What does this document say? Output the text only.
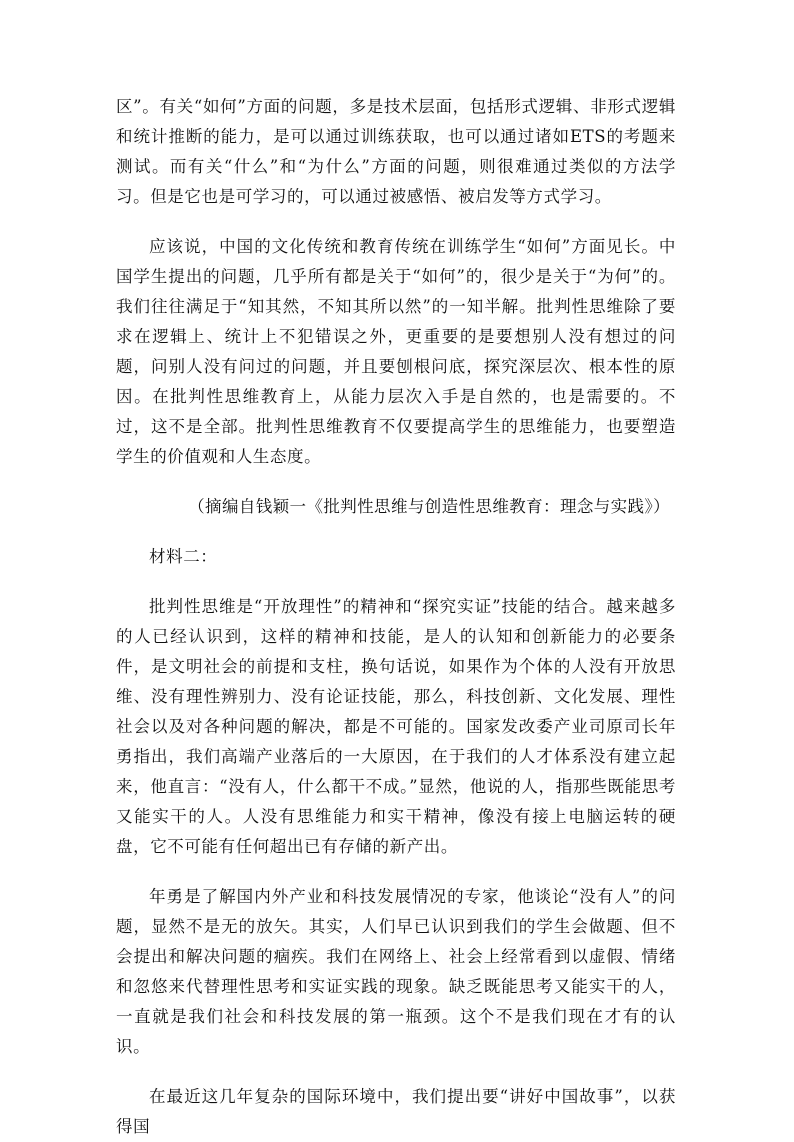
区”。有关“如何”方面的问题，多是技术层面，包括形式逻辑、非形式逻辑和统计推断的能力，是可以通过训练获取，也可以通过诸如ETS的考题来测试。而有关“什么”和“为什么”方面的问题，则很难通过类似的方法学习。但是它也是可学习的，可以通过被感悟、被启发等方式学习。

应该说，中国的文化传统和教育传统在训练学生“如何”方面见长。中国学生提出的问题，几乎所有都是关于“如何”的，很少是关于“为何”的。我们往往满足于“知其然，不知其所以然”的一知半解。批判性思维除了要求在逻辑上、统计上不犯错误之外，更重要的是要想别人没有想过的问题，问别人没有问过的问题，并且要刨根问底，探究深层次、根本性的原因。在批判性思维教育上，从能力层次入手是自然的，也是需要的。不过，这不是全部。批判性思维教育不仅要提高学生的思维能力，也要塑造学生的价值观和人生态度。

（摘编自钱颖一《批判性思维与创造性思维教育：理念与实践》）

材料二：

批判性思维是“开放理性”的精神和“探究实证”技能的结合。越来越多的人已经认识到，这样的精神和技能，是人的认知和创新能力的必要条件，是文明社会的前提和支柱，换句话说，如果作为个体的人没有开放思维、没有理性辨别力、没有论证技能，那么，科技创新、文化发展、理性社会以及对各种问题的解决，都是不可能的。国家发改委产业司原司长年勇指出，我们高端产业落后的一大原因，在于我们的人才体系没有建立起来，他直言：“没有人，什么都干不成。”显然，他说的人，指那些既能思考又能实干的人。人没有思维能力和实干精神，像没有接上电脑运转的硬盘，它不可能有任何超出已有存储的新产出。

年勇是了解国内外产业和科技发展情况的专家，他谈论“没有人”的问题，显然不是无的放矢。其实，人们早已认识到我们的学生会做题、但不会提出和解决问题的痼疾。我们在网络上、社会上经常看到以虚假、情绪和忽悠来代替理性思考和实证实践的现象。缺乏既能思考又能实干的人，一直就是我们社会和科技发展的第一瓶颈。这个不是我们现在才有的认识。

在最近这几年复杂的国际环境中，我们提出要“讲好中国故事”，以获得国
